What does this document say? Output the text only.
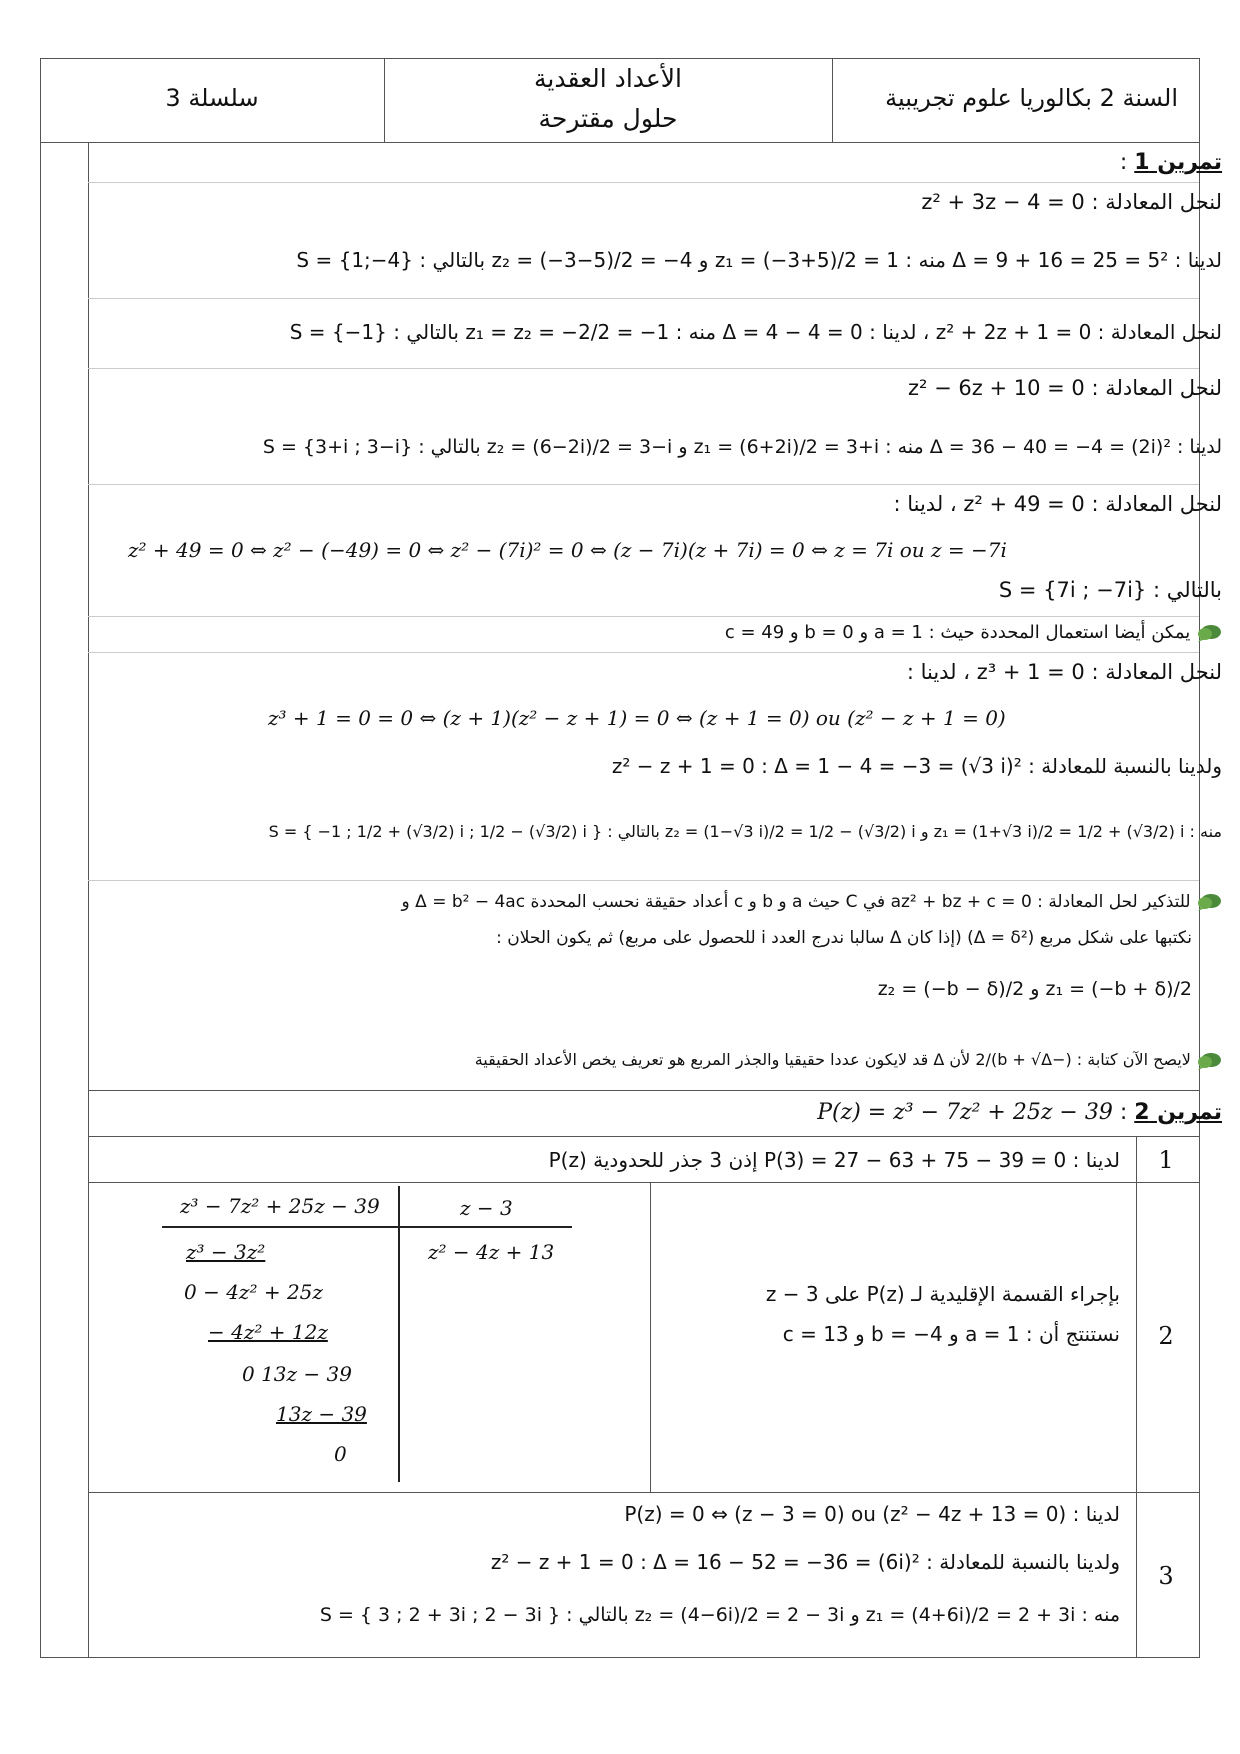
السنة 2 بكالوريا علوم تجريبية
الأعداد العقدية
حلول مقترحة
سلسلة 3
تمرين 1 :
لنحل المعادلة : z² + 3z − 4 = 0
لدينا : Δ = 9 + 16 = 25 = 5² منه : z₁ = (−3+5)/2 = 1 و z₂ = (−3−5)/2 = −4 بالتالي : S = {1;−4}
لنحل المعادلة : z² + 2z + 1 = 0 ، لدينا : Δ = 4 − 4 = 0 منه : z₁ = z₂ = −2/2 = −1 بالتالي : S = {−1}
لنحل المعادلة : z² − 6z + 10 = 0
لدينا : Δ = 36 − 40 = −4 = (2i)² منه : z₁ = (6+2i)/2 = 3+i و z₂ = (6−2i)/2 = 3−i بالتالي : S = {3+i ; 3−i}
لنحل المعادلة : z² + 49 = 0 ، لدينا :
z² + 49 = 0 ⇔ z² − (−49) = 0 ⇔ z² − (7i)² = 0 ⇔ (z − 7i)(z + 7i) = 0 ⇔ z = 7i ou z = −7i
بالتالي : S = {7i ; −7i}
يمكن أيضا استعمال المحددة حيث : a = 1 و b = 0 و c = 49
لنحل المعادلة : z³ + 1 = 0 ، لدينا :
z³ + 1 = 0 = 0 ⇔ (z + 1)(z² − z + 1) = 0 ⇔ (z + 1 = 0) ou (z² − z + 1 = 0)
ولدينا بالنسبة للمعادلة : z² − z + 1 = 0 : Δ = 1 − 4 = −3 = (√3 i)²
منه : z₁ = (1+√3 i)/2 = 1/2 + (√3/2) i و z₂ = (1−√3 i)/2 = 1/2 − (√3/2) i بالتالي : S = { −1 ; 1/2 + (√3/2) i ; 1/2 − (√3/2) i }
للتذكير لحل المعادلة : az² + bz + c = 0 في C حيث a و b و c أعداد حقيقة نحسب المحددة Δ = b² − 4ac و
نكتبها على شكل مربع (Δ = δ²) (إذا كان Δ سالبا ندرج العدد i للحصول على مربع) ثم يكون الحلان :
z₁ = (−b + δ)/2 و z₂ = (−b − δ)/2
لايصح الآن كتابة : (−b + √Δ)/2 لأن Δ قد لايكون عددا حقيقيا والجذر المربع هو تعريف يخص الأعداد الحقيقية
تمرين 2 : P(z) = z³ − 7z² + 25z − 39
1
لدينا : P(3) = 27 − 63 + 75 − 39 = 0 إذن 3 جذر للحدودية P(z)
2
بإجراء القسمة الإقليدية لـ P(z) على z − 3
نستنتج أن : a = 1 و b = −4 و c = 13
z³ − 7z² + 25z − 39	z − 3
z² − 4z + 13
z³ − 3z²
0 − 4z² + 25z
− 4z² + 12z
0 13z − 39
13z − 39
0
3
لدينا : P(z) = 0 ⇔ (z − 3 = 0) ou (z² − 4z + 13 = 0)
ولدينا بالنسبة للمعادلة : z² − z + 1 = 0 : Δ = 16 − 52 = −36 = (6i)²
منه : z₁ = (4+6i)/2 = 2 + 3i و z₂ = (4−6i)/2 = 2 − 3i بالتالي : S = { 3 ; 2 + 3i ; 2 − 3i }
